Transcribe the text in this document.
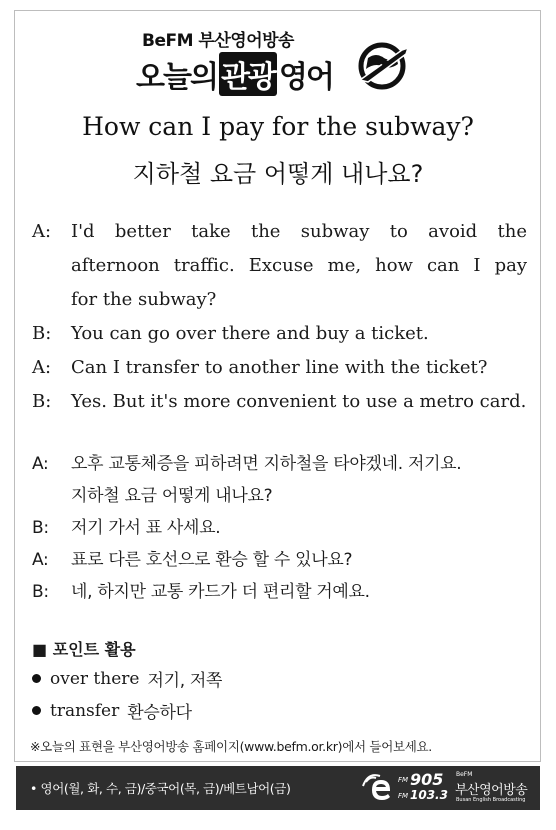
BeFM 부산영어방송
오늘의 관광 영어
How can I pay for the subway?
지하철 요금 어떻게 내나요?
A:	I'd better take the subway to avoid the
afternoon traffic. Excuse me, how can I pay
for the subway?
B:	You can go over there and buy a ticket.
A:	Can I transfer to another line with the ticket?
B:	Yes. But it's more convenient to use a metro card.
A:	오후 교통체증을 피하려면 지하철을 타야겠네. 저기요.
지하철 요금 어떻게 내나요?
B:	저기 가서 표 사세요.
A:	표로 다른 호선으로 환승 할 수 있나요?
B:	네, 하지만 교통 카드가 더 편리할 거예요.
■ 포인트 활용
over there 저기, 저쪽
transfer 환승하다
※오늘의 표현을 부산영어방송 홈페이지(www.befm.or.kr)에서 들어보세요.
• 영어(월, 화, 수, 금)/중국어(목, 금)/베트남어(금)
FM 905
FM 103.3
BeFM
부산영어방송
Busan English Broadcasting
